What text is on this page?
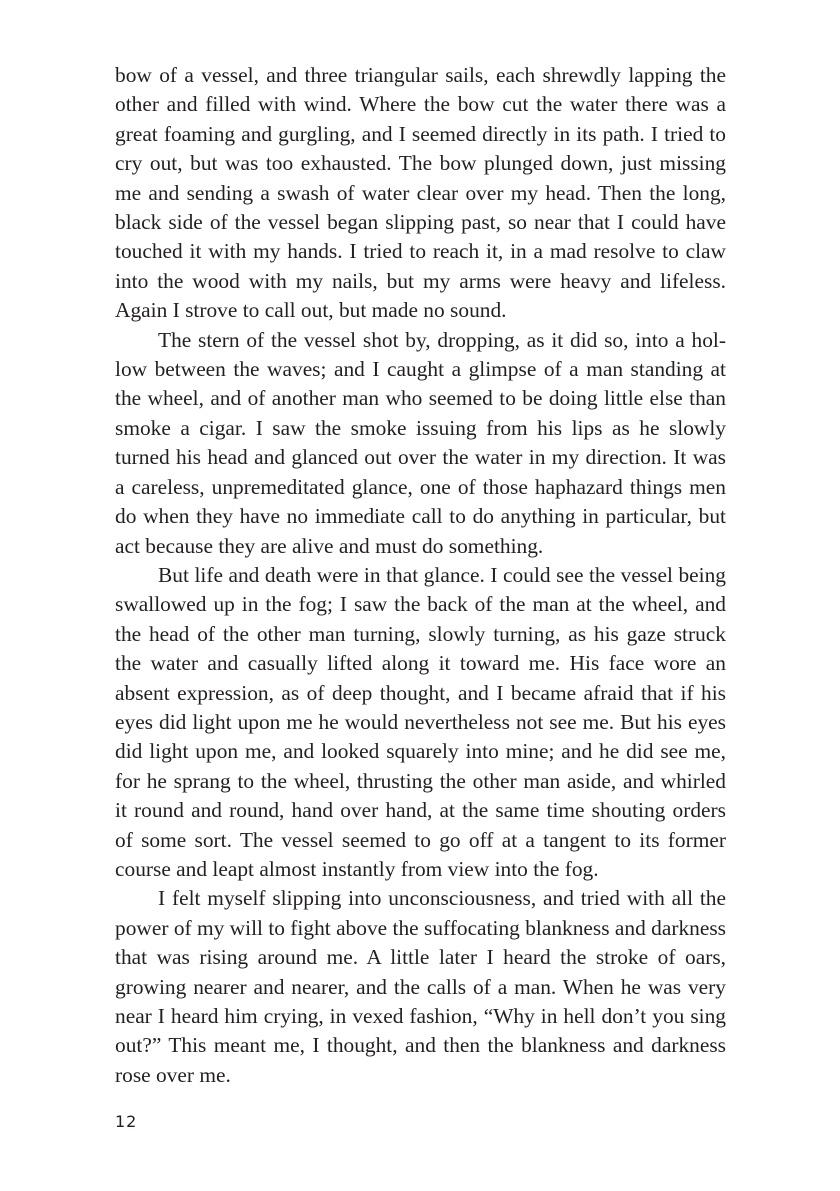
bow of a vessel, and three triangular sails, each shrewdly lapping the other and filled with wind. Where the bow cut the water there was a great foaming and gurgling, and I seemed directly in its path. I tried to cry out, but was too exhausted. The bow plunged down, just missing me and sending a swash of water clear over my head. Then the long, black side of the vessel began slipping past, so near that I could have touched it with my hands. I tried to reach it, in a mad resolve to claw into the wood with my nails, but my arms were heavy and lifeless. Again I strove to call out, but made no sound.

The stern of the vessel shot by, dropping, as it did so, into a hollow between the waves; and I caught a glimpse of a man standing at the wheel, and of another man who seemed to be doing little else than smoke a cigar. I saw the smoke issuing from his lips as he slowly turned his head and glanced out over the water in my direction. It was a careless, unpremeditated glance, one of those haphazard things men do when they have no immediate call to do anything in particular, but act because they are alive and must do something.

But life and death were in that glance. I could see the vessel being swallowed up in the fog; I saw the back of the man at the wheel, and the head of the other man turning, slowly turning, as his gaze struck the water and casually lifted along it toward me. His face wore an absent expression, as of deep thought, and I became afraid that if his eyes did light upon me he would nevertheless not see me. But his eyes did light upon me, and looked squarely into mine; and he did see me, for he sprang to the wheel, thrusting the other man aside, and whirled it round and round, hand over hand, at the same time shouting orders of some sort. The vessel seemed to go off at a tangent to its former course and leapt almost instantly from view into the fog.

I felt myself slipping into unconsciousness, and tried with all the power of my will to fight above the suffocating blankness and darkness that was rising around me. A little later I heard the stroke of oars, growing nearer and nearer, and the calls of a man. When he was very near I heard him crying, in vexed fashion, “Why in hell don’t you sing out?” This meant me, I thought, and then the blankness and darkness rose over me.

12
